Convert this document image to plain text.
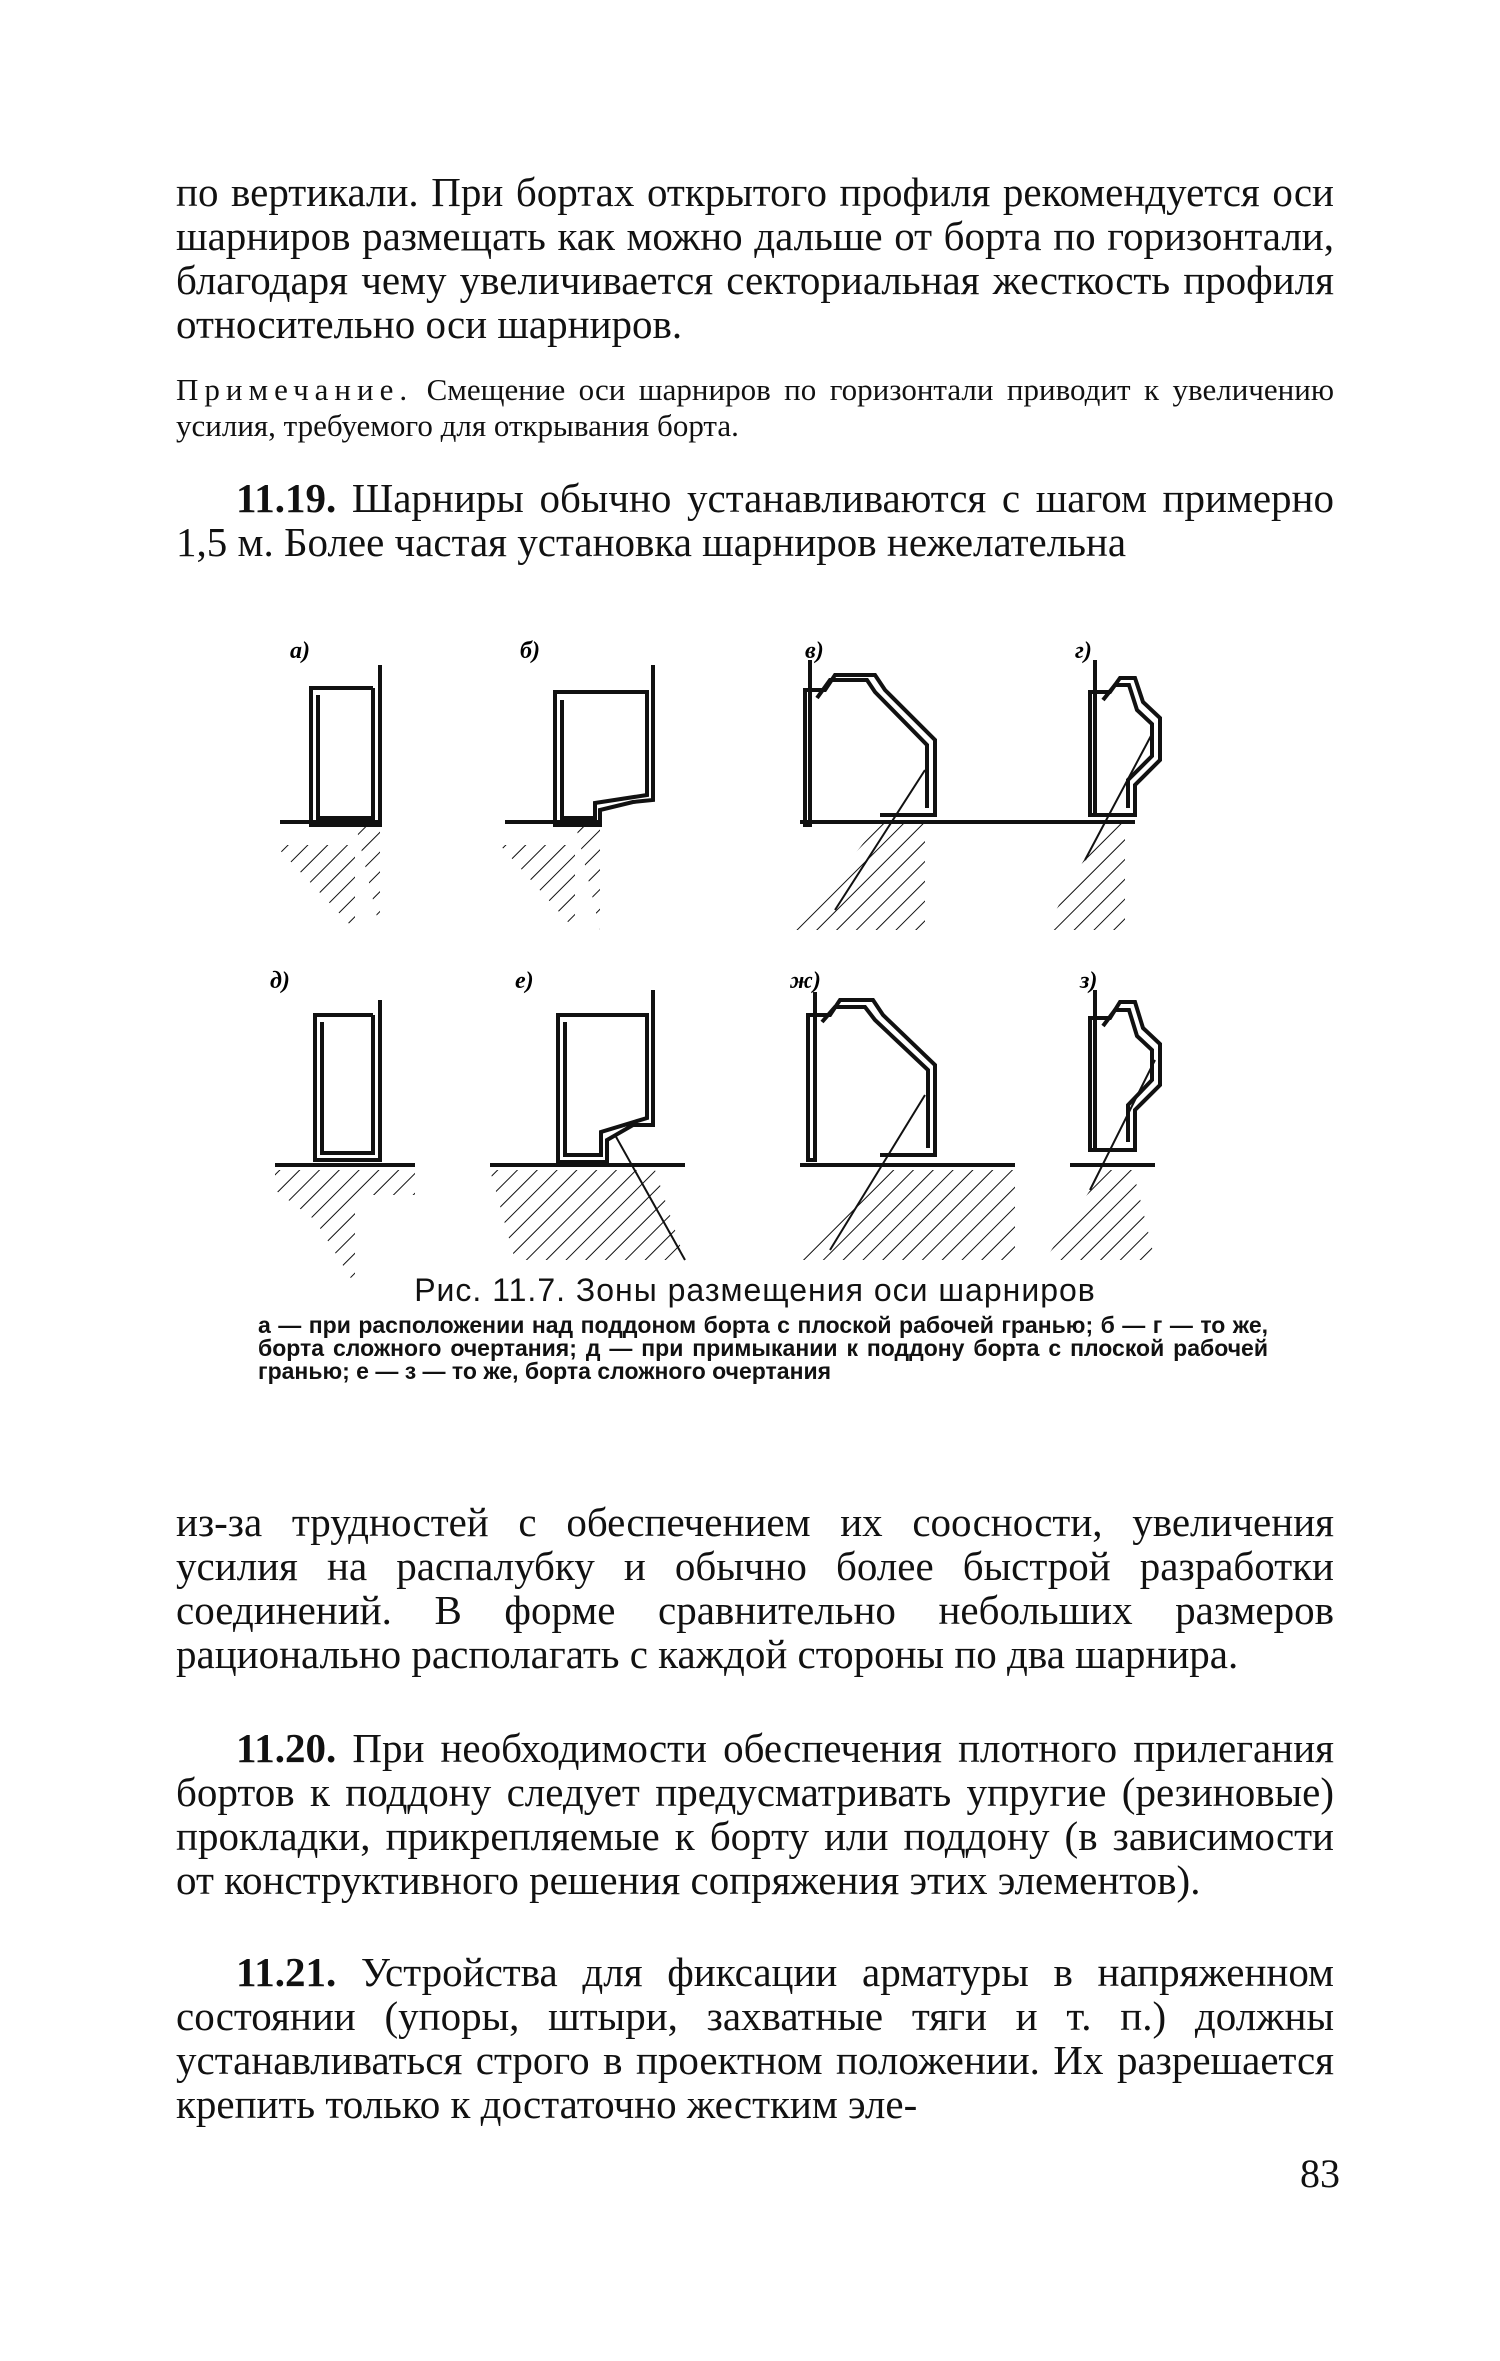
по вертикали. При бортах открытого профиля рекомендуется оси шарниров размещать как можно дальше от борта по горизонтали, благодаря чему увеличивается секториальная жесткость профиля относительно оси шарниров.
Примечание. Смещение оси шарниров по горизонтали приводит к увеличению усилия, требуемого для открывания борта.
11.19. Шарниры обычно устанавливаются с шагом примерно 1,5 м. Более частая установка шарниров нежелательна
а)	б)	в)	г)
д)	е)	ж)	з)
Рис. 11.7. Зоны размещения оси шарниров
а — при расположении над поддоном борта с плоской рабочей гранью; б — г — то же, борта сложного очертания; д — при примыкании к поддону борта с плоской рабочей гранью; е — з — то же, борта сложного очертания
из-за трудностей с обеспечением их соосности, увеличения усилия на распалубку и обычно более быстрой разработки соединений. В форме сравнительно небольших размеров рационально располагать с каждой стороны по два шарнира.
11.20. При необходимости обеспечения плотного прилегания бортов к поддону следует предусматривать упругие (резиновые) прокладки, прикрепляемые к борту или поддону (в зависимости от конструктивного решения сопряжения этих элементов).
11.21. Устройства для фиксации арматуры в напряженном состоянии (упоры, штыри, захватные тяги и т. п.) должны устанавливаться строго в проектном положении. Их разрешается крепить только к достаточно жестким эле-
83
